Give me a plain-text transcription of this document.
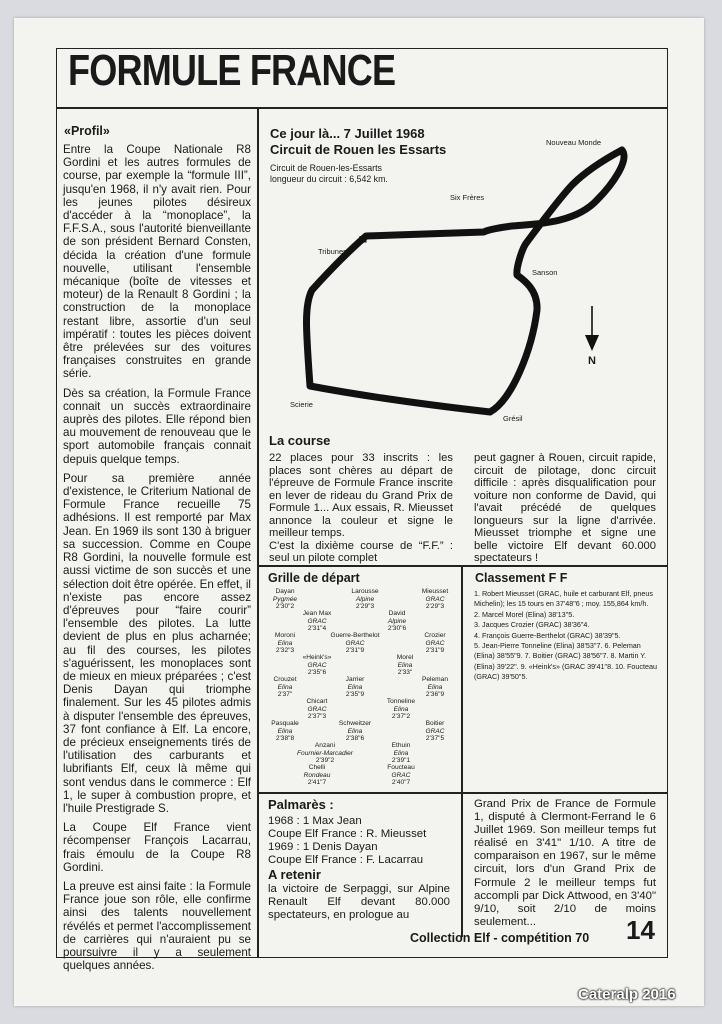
FORMULE FRANCE
«Profil»

Entre la Coupe Nationale R8 Gordini et les autres formules de course, par exemple la “formule III”, jusqu'en 1968, il n'y avait rien. Pour les jeunes pilotes désireux d'accéder à la “monoplace”, la F.F.S.A., sous l'autorité bienveillante de son président Bernard Consten, décida la création d'une formule nouvelle, utilisant l'ensemble mécanique (boîte de vitesses et moteur) de la Renault 8 Gordini ; la construction de la monoplace restant libre, assortie d'un seul impératif : toutes les pièces doivent être prélevées sur des voitures françaises construites en grande série.

Dès sa création, la Formule France connait un succès extraordinaire auprès des pilotes. Elle répond bien au mouvement de renouveau que le sport automobile français connait depuis quelque temps.

Pour sa première année d'existence, le Criterium National de Formule France recueille 75 adhésions. Il est remporté par Max Jean. En 1969 ils sont 130 à briguer sa succession. Comme en Coupe R8 Gordini, la nouvelle formule est aussi victime de son succès et une sélection doit être opérée. En effet, il n'existe pas encore assez d'épreuves pour “faire courir” l'ensemble des pilotes. La lutte devient de plus en plus acharnée; au fil des courses, les pilotes s'aguérissent, les monoplaces sont de mieux en mieux préparées ; c'est Denis Dayan qui triomphe finalement. Sur les 45 pilotes admis à disputer l'ensemble des épreuves, 37 font confiance à Elf. La encore, de précieux enseignements tirés de l'utilisation des carburants et lubrifiants Elf, ceux là même qui sont vendus dans le commerce : Elf 1, le super à combustion propre, et l'huile Prestigrade S.

La Coupe Elf France vient récompenser François Lacarrau, frais émoulu de la Coupe R8 Gordini.

La preuve est ainsi faite : la Formule France joue son rôle, elle confirme ainsi des talents nouvellement révélés et permet l'accomplissement de carrières qui n'auraient pu se poursuivre il y a seulement quelques années.

Ce jour là... 7 Juillet 1968
Circuit de Rouen les Essarts
Circuit de Rouen-les-Essarts
longueur du circuit : 6,542 km.
Nouveau Monde
Six Frères
Tribunes
Sanson
Scierie
Grésil
N
La course
22 places pour 33 inscrits : les places sont chères au départ de l'épreuve de Formule France inscrite en lever de rideau du Grand Prix de Formule 1... Aux essais, R. Mieusset annonce la couleur et signe le meilleur temps.
C'est la dixième course de “F.F.” : seul un pilote complet
peut gagner à Rouen, circuit rapide, circuit de pilotage, donc circuit difficile : après disqualification pour voiture non conforme de David, qui l'avait précédé de quelques longueurs sur la ligne d'arrivée. Mieusset triomphe et signe une belle victoire Elf devant 60.000 spectateurs !
Grille de départ
Dayan
Pygmée
2'30"2
Larousse
Alpine
2'29"3
Mieusset
GRAC
2'29"3
Jean Max
GRAC
2'31"4
David
Alpine
2'30"6
Moroni
Elina
2'32"3
Guerre-Berthelot
GRAC
2'31"9
Crozier
GRAC
2'31"9
«Heink's»
GRAC
2'35"6
Morel
Elina
2'33"
Crouzet
Elina
2'37"
Jarrier
Elina
2'35"9
Peleman
Elina
2'36"9
Chicart
GRAC
2'37"3
Tonneline
Elina
2'37"2
Pasquale
Elina
2'38"8
Schweitzer
Elina
2'38"6
Boitier
GRAC
2'37"5
Anzani
Fournier-Marcadier
2'39"2
Ethuin
Elina
2'39"1
Chelli
Rondeau
2'41"7
Foucteau
GRAC
2'40"7
Classement F F
1. Robert Mieusset (GRAC, huile et carburant Elf, pneus Michelin); les 15 tours en 37'48"6 ; moy. 155,864 km/h.
2. Marcel Morel (Elina) 38'13"5.
3. Jacques Crozier (GRAC) 38'36"4.
4. François Guerre-Berthelot (GRAC) 38'39"5.
5. Jean-Pierre Tonneline (Elina) 38'53"7. 6. Peleman (Elina) 38'55"9. 7. Boitier (GRAC) 38'56"7. 8. Martin Y. (Elina) 39'22". 9. «Heink's» (GRAC 39'41"8. 10. Foucteau (GRAC) 39'50"5.
Palmarès :
1968 : 1 Max Jean
Coupe Elf France : R. Mieusset
1969 : 1 Denis Dayan
Coupe Elf France : F. Lacarrau
A retenir
la victoire de Serpaggi, sur Alpine Renault Elf devant 80.000 spectateurs, en prologue au
Grand Prix de France de Formule 1, disputé à Clermont-Ferrand le 6 Juillet 1969. Son meilleur temps fut réalisé en 3'41" 1/10. A titre de comparaison en 1967, sur le même circuit, lors d'un Grand Prix de Formule 2 le meilleur temps fut accompli par Dick Attwood, en 3'40" 9/10, soit 2/10 de moins seulement...
Collection Elf - compétition 70 14
Cateralp 2016
